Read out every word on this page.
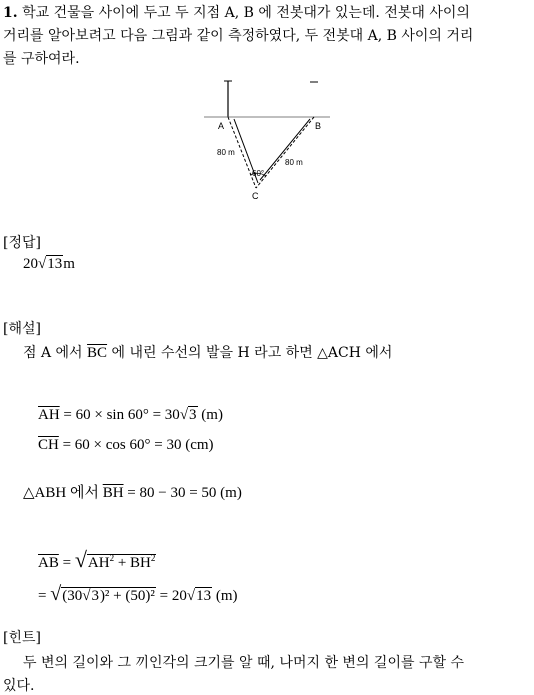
1. 학교 건물을 사이에 두고 두 지점 A, B 에 전봇대가 있는데. 전봇대 사이의
거리를 알아보려고 다음 그림과 같이 측정하였다, 두 전봇대 A, B 사이의 거리
를 구하여라.
A	B
C
80 m
80 m
60°
[정답]
20√13m
[해설]
점 A 에서 $\overline{BC}$ 에 내린 수선의 발을 H 라고 하면 △ACH 에서
$\overline{AH} = 60 \times \sin 60^\circ = 30√3$ (m)
$\overline{CH} = 60 \times \cos 60^\circ = 30$ (cm)
△ABH 에서 $\overline{BH} = 80 - 30 = 50$ (m)
$\overline{AB} = √AH^2 + \overline{BH}^2$
= √(30√3)² + (50)² = 20√13 (m)
[힌트]
두 변의 길이와 그 끼인각의 크기를 알 때, 나머지 한 변의 길이를 구할 수
있다.
